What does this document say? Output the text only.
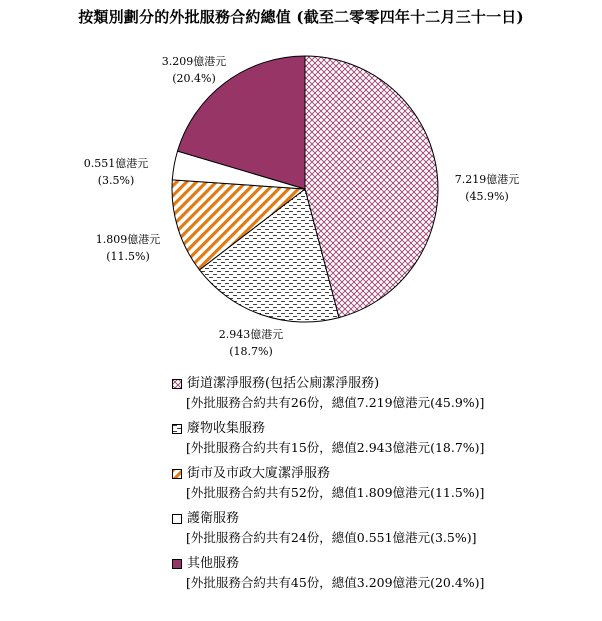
按類別劃分的外批服務合約總值 (截至二零零四年十二月三十一日)
7.219億港元
(45.9%)
2.943億港元
(18.7%)
1.809億港元
(11.5%)
0.551億港元
(3.5%)
3.209億港元
(20.4%)
街道潔淨服務(包括公廁潔淨服務)
[外批服務合約共有26份，總值7.219億港元(45.9%)]
廢物收集服務
[外批服務合約共有15份，總值2.943億港元(18.7%)]
街市及市政大廈潔淨服務
[外批服務合約共有52份，總值1.809億港元(11.5%)]
護衛服務
[外批服務合約共有24份，總值0.551億港元(3.5%)]
其他服務
[外批服務合約共有45份，總值3.209億港元(20.4%)]
